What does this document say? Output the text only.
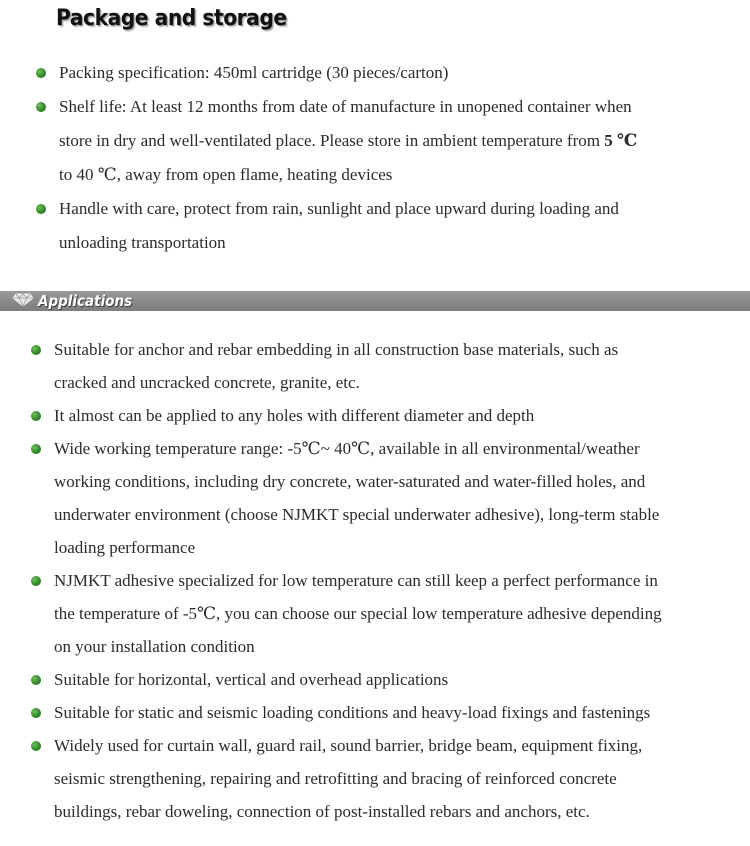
Package and storage
Packing specification: 450ml cartridge (30 pieces/carton)
Shelf life: At least 12 months from date of manufacture in unopened container when
store in dry and well-ventilated place. Please store in ambient temperature from 5 ℃
to 40 ℃, away from open flame, heating devices
Handle with care, protect from rain, sunlight and place upward during loading and
unloading transportation
Applications
Suitable for anchor and rebar embedding in all construction base materials, such as
cracked and uncracked concrete, granite, etc.
It almost can be applied to any holes with different diameter and depth
Wide working temperature range: -5℃~ 40℃, available in all environmental/weather
working conditions, including dry concrete, water-saturated and water-filled holes, and
underwater environment (choose NJMKT special underwater adhesive), long-term stable
loading performance
NJMKT adhesive specialized for low temperature can still keep a perfect performance in
the temperature of -5℃, you can choose our special low temperature adhesive depending
on your installation condition
Suitable for horizontal, vertical and overhead applications
Suitable for static and seismic loading conditions and heavy-load fixings and fastenings
Widely used for curtain wall, guard rail, sound barrier, bridge beam, equipment fixing,
seismic strengthening, repairing and retrofitting and bracing of reinforced concrete
buildings, rebar doweling, connection of post-installed rebars and anchors, etc.
